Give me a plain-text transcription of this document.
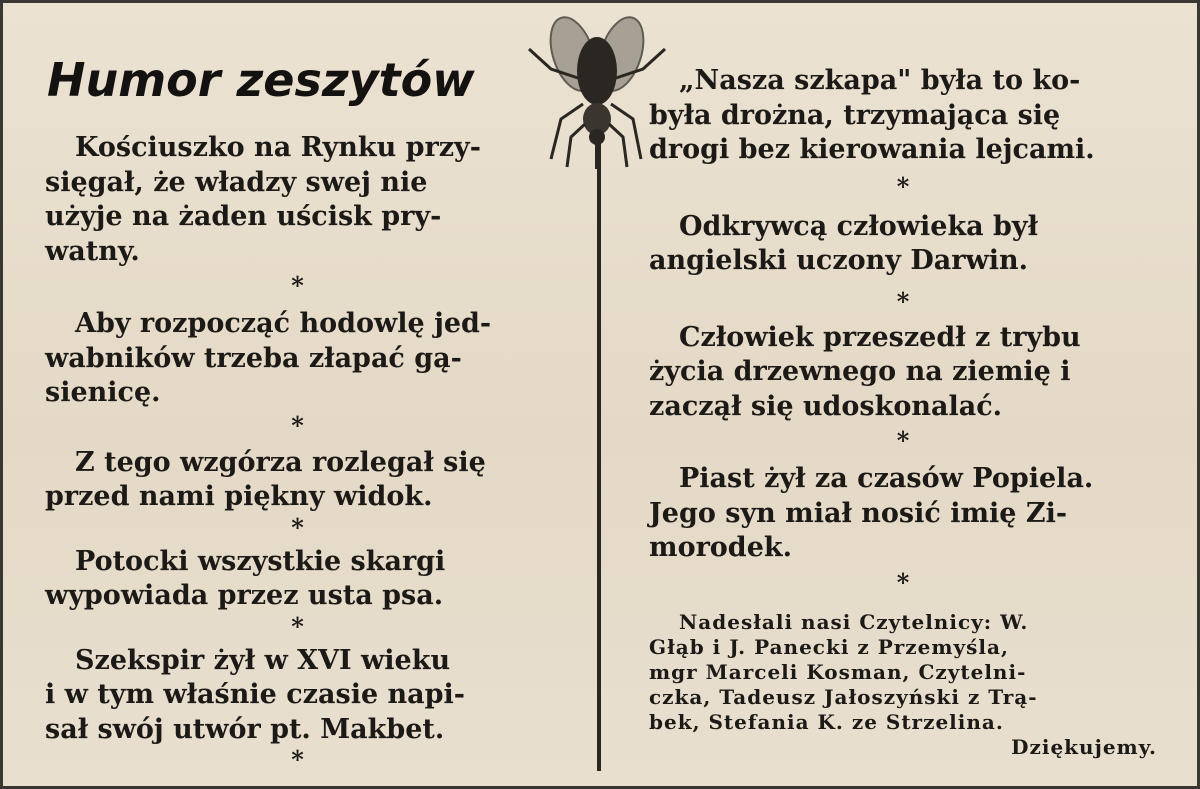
Humor zeszytów

Kościuszko na Rynku przy-
sięgał, że władzy swej nie
użyje na żaden uścisk pry-
watny.

*

Aby rozpocząć hodowlę jed-
wabników trzeba złapać gą-
sienicę.

*

Z tego wzgórza rozlegał się
przed nami piękny widok.

*

Potocki wszystkie skargi
wypowiada przez usta psa.

*

Szekspir żył w XVI wieku
i w tym właśnie czasie napi-
sał swój utwór pt. Makbet.

*

„Nasza szkapa" była to ko-
była drożna, trzymająca się
drogi bez kierowania lejcami.

*

Odkrywcą człowieka był
angielski uczony Darwin.

*

Człowiek przeszedł z trybu
życia drzewnego na ziemię i
zaczął się udoskonalać.

*

Piast żył za czasów Popiela.
Jego syn miał nosić imię Zi-
morodek.

*

Nadesłali nasi Czytelnicy: W.
Głąb i J. Panecki z Przemyśla,
mgr Marceli Kosman, Czytelni-
czka, Tadeusz Jałoszyński z Trą-
bek, Stefania K. ze Strzelina.

Dziękujemy.
